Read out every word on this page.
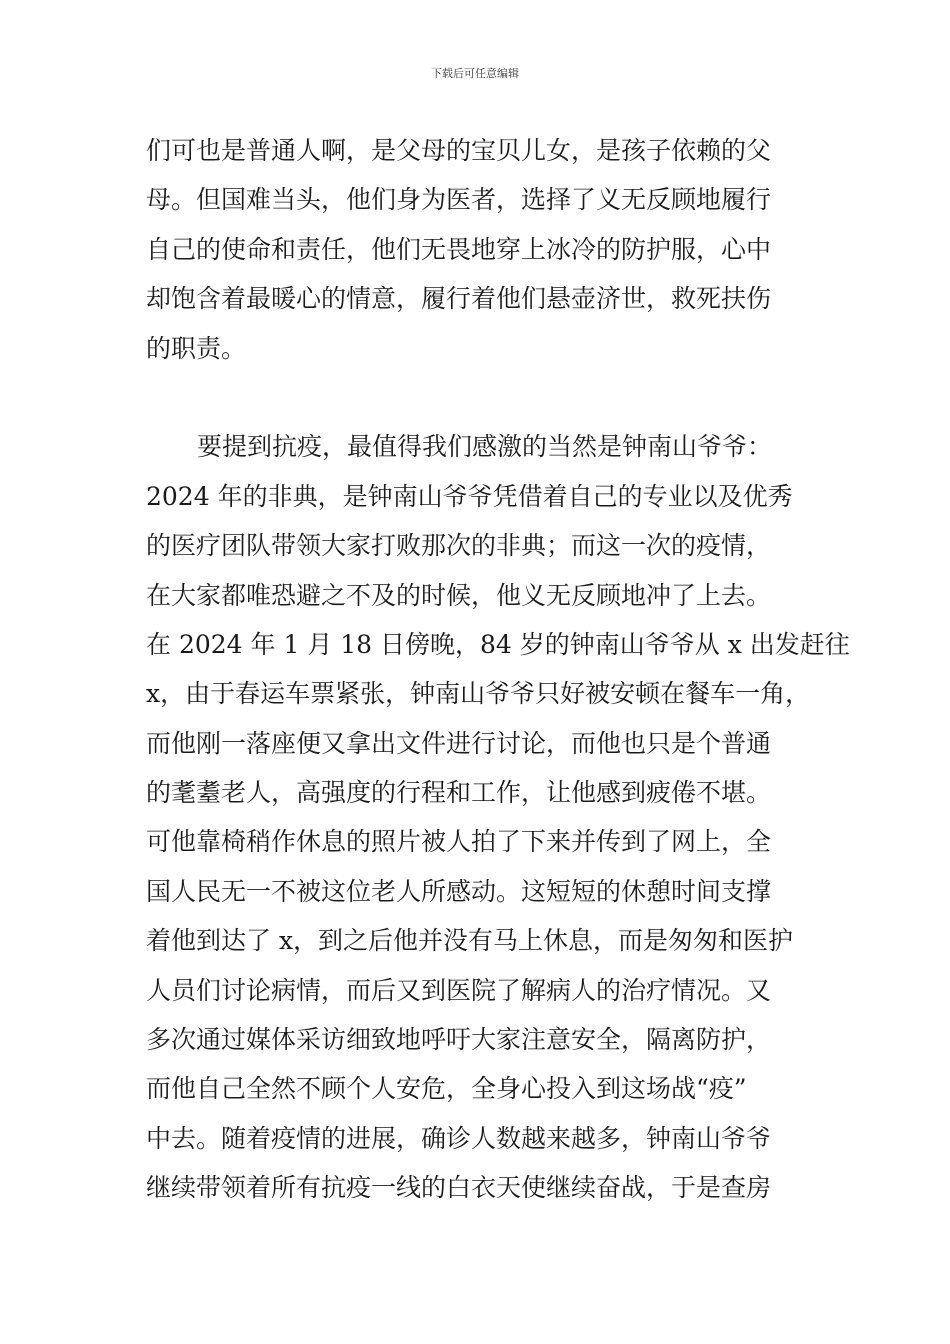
下载后可任意编辑
们可也是普通人啊，是父母的宝贝儿女，是孩子依赖的父
母。但国难当头，他们身为医者，选择了义无反顾地履行
自己的使命和责任，他们无畏地穿上冰冷的防护服，心中
却饱含着最暖心的情意，履行着他们悬壶济世，救死扶伤
的职责。
要提到抗疫，最值得我们感激的当然是钟南山爷爷：
2024 年的非典，是钟南山爷爷凭借着自己的专业以及优秀
的医疗团队带领大家打败那次的非典；而这一次的疫情，
在大家都唯恐避之不及的时候，他义无反顾地冲了上去。
在 2024 年 1 月 18 日傍晚，84 岁的钟南山爷爷从 x 出发赶往
x，由于春运车票紧张，钟南山爷爷只好被安顿在餐车一角，
而他刚一落座便又拿出文件进行讨论，而他也只是个普通
的耄耋老人，高强度的行程和工作，让他感到疲倦不堪。
可他靠椅稍作休息的照片被人拍了下来并传到了网上，全
国人民无一不被这位老人所感动。这短短的休憩时间支撑
着他到达了 x，到之后他并没有马上休息，而是匆匆和医护
人员们讨论病情，而后又到医院了解病人的治疗情况。又
多次通过媒体采访细致地呼吁大家注意安全，隔离防护，
而他自己全然不顾个人安危，全身心投入到这场战“疫”
中去。随着疫情的进展，确诊人数越来越多，钟南山爷爷
继续带领着所有抗疫一线的白衣天使继续奋战，于是查房
